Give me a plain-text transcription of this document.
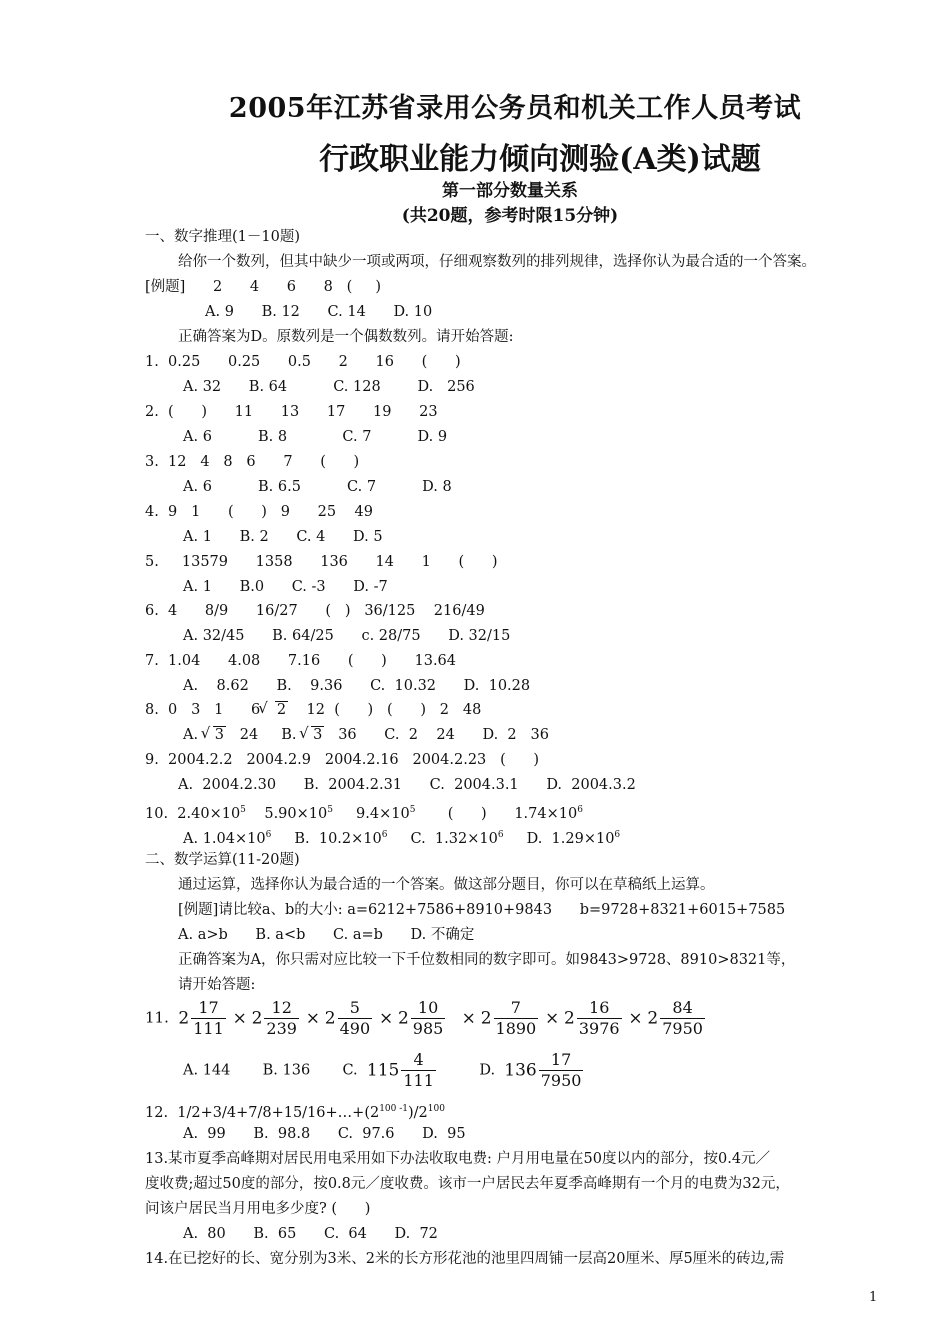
2005年江苏省录用公务员和机关工作人员考试
行政职业能力倾向测验(A类)试题
第一部分数量关系
(共20题，参考时限15分钟)
一、数字推理(1－10题)
给你一个数列，但其中缺少一项或两项，仔细观察数列的排列规律，选择你认为最合适的一个答案。
[例题]      2      4      6      8   (     )
A. 9      B. 12      C. 14      D. 10
正确答案为D。原数列是一个偶数数列。请开始答题:
1.  0.25      0.25      0.5      2      16      (      )
A. 32      B. 64          C. 128        D.   256
2.  (      )      11      13      17      19      23
A. 6          B. 8            C. 7          D. 9
3.  12   4   8   6      7      (      )
A. 6          B. 6.5          C. 7          D. 8
4.  9   1      (      )   9      25    49
A. 1      B. 2      C. 4      D. 5
5.     13579      1358      136      14      1      (      )
A. 1      B.0      C. -3      D. -7
6.  4      8/9      16/27      (   )   36/125    216/49
A. 32/45      B. 64/25      c. 28/75      D. 32/15
7.  1.04      4.08      7.16      (      )      13.64
A.    8.62      B.    9.36      C.  10.32      D.  10.28
8.  0   3   1      6 √ 2    12  (      )   (      )   2   48
A. √ 3   24     B. √ 3   36      C.  2    24      D.  2   36
9.  2004.2.2   2004.2.9   2004.2.16   2004.2.23   (      )
A.  2004.2.30      B.  2004.2.31      C.  2004.3.1      D.  2004.3.2
10. $2.40\times 10^5$ $5.90\times 10^5$ $9.4\times 10^5$ (      ) $1.74\times 10^6$
A. $1.04\times 10^6$ B.  $10.2\times 10^6$ C.  $1.32\times 10^6$ D.  $1.29\times 10^6$
二、数学运算(11-20题)
通过运算，选择你认为最合适的一个答案。做这部分题目，你可以在草稿纸上运算。
[例题]请比较a、b的大小: a=6212+7586+8910+9843      b=9728+8321+6015+7585
A. a>b      B. a<b      C. a=b      D. 不确定
正确答案为A，你只需对应比较一下千位数相同的数字即可。如9843>9728、8910>8321等，
请开始答题:
11. $2 \frac{17}{111} \times 2 \frac{12}{239} \times 2 \frac{5}{490} \times 2 \frac{10}{985} \times 2 \frac{7}{1890} \times 2 \frac{16}{3976} \times 2 \frac{84}{7950}$
A. 144 B. 136 C. $115 \frac{4}{111}$	D. $136 \frac{17}{7950}$
12.  $1/2+3/4+7/8+15/16+\dots+(2^{100 -1})/2^{100}$
A.  99      B.  98.8      C.  97.6      D.  95
13.某市夏季高峰期对居民用电采用如下办法收取电费: 户月用电量在50度以内的部分，按0.4元／
度收费;超过50度的部分，按0.8元／度收费。该市一户居民去年夏季高峰期有一个月的电费为32元，
问该户居民当月用电多少度? (      )
A.  80      B.  65      C.  64      D.  72
14.在已挖好的长、宽分别为3米、2米的长方形花池的池里四周铺一层高20厘米、厚5厘米的砖边,需
1
